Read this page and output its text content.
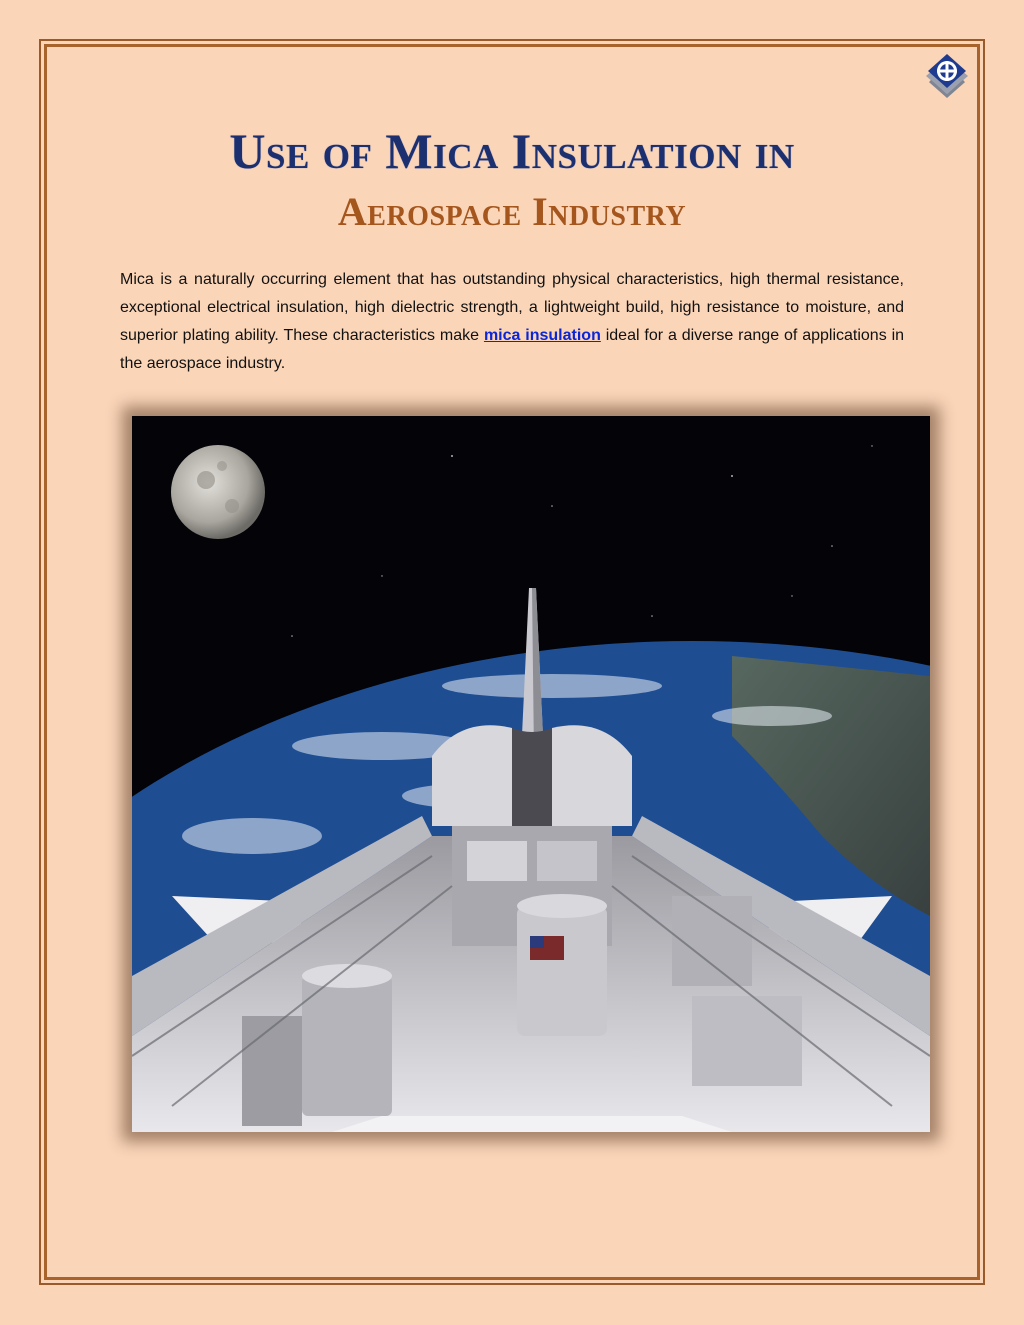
Use of Mica Insulation in
Aerospace Industry

Mica is a naturally occurring element that has outstanding physical characteristics, high thermal resistance, exceptional electrical insulation, high dielectric strength, a lightweight build, high resistance to moisture, and superior plating ability. These characteristics make mica insulation ideal for a diverse range of applications in the aerospace industry.
